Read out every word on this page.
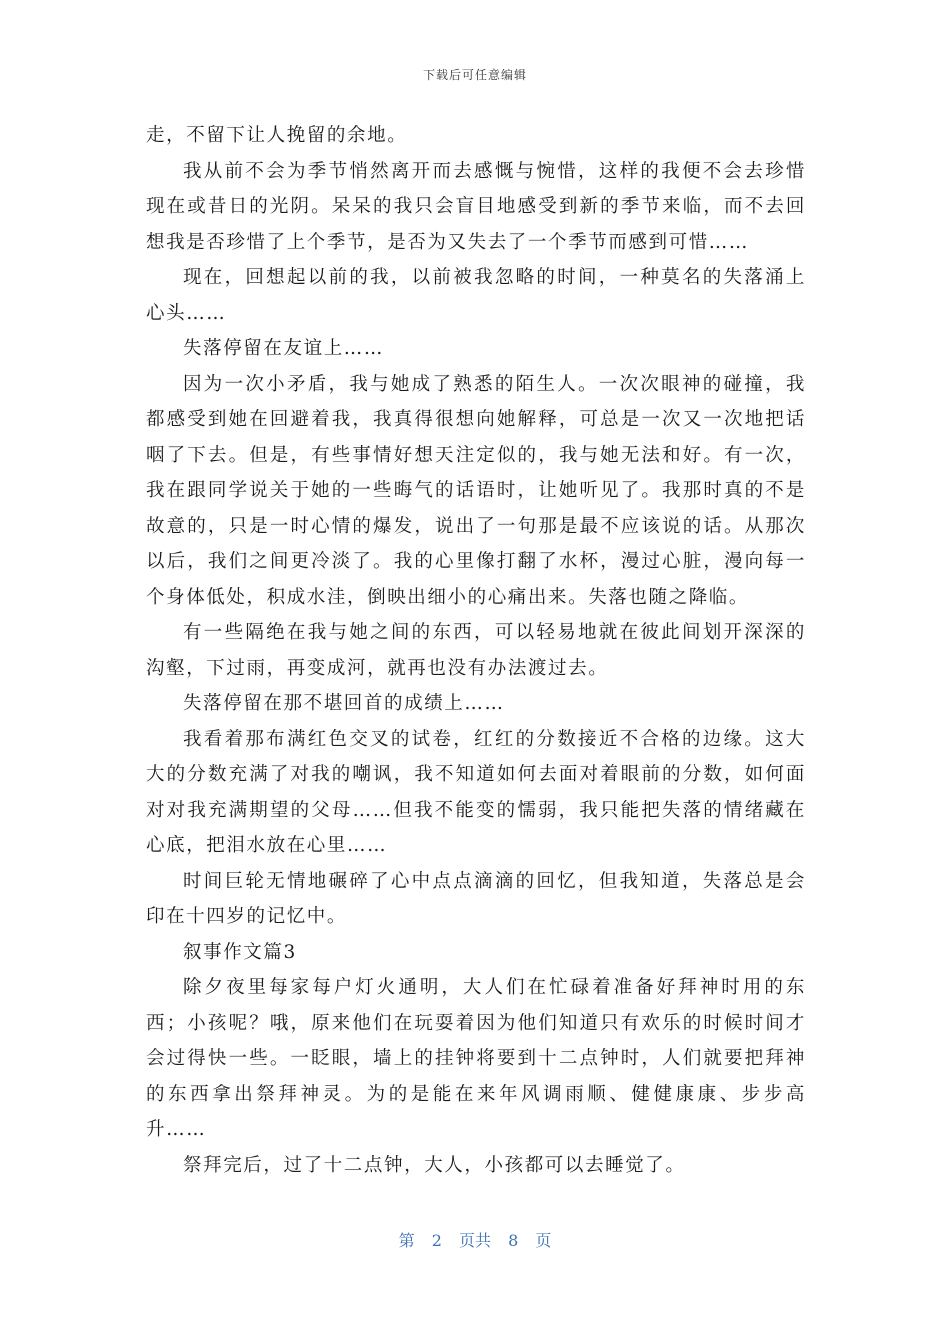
下载后可任意编辑

走，不留下让人挽留的余地。

我从前不会为季节悄然离开而去感慨与惋惜，这样的我便不会去珍惜现在或昔日的光阴。呆呆的我只会盲目地感受到新的季节来临，而不去回想我是否珍惜了上个季节，是否为又失去了一个季节而感到可惜……

现在，回想起以前的我，以前被我忽略的时间，一种莫名的失落涌上心头……

失落停留在友谊上……

因为一次小矛盾，我与她成了熟悉的陌生人。一次次眼神的碰撞，我都感受到她在回避着我，我真得很想向她解释，可总是一次又一次地把话咽了下去。但是，有些事情好想天注定似的，我与她无法和好。有一次，我在跟同学说关于她的一些晦气的话语时，让她听见了。我那时真的不是故意的，只是一时心情的爆发，说出了一句那是最不应该说的话。从那次以后，我们之间更冷淡了。我的心里像打翻了水杯，漫过心脏，漫向每一个身体低处，积成水洼，倒映出细小的心痛出来。失落也随之降临。

有一些隔绝在我与她之间的东西，可以轻易地就在彼此间划开深深的沟壑，下过雨，再变成河，就再也没有办法渡过去。

失落停留在那不堪回首的成绩上……

我看着那布满红色交叉的试卷，红红的分数接近不合格的边缘。这大大的分数充满了对我的嘲讽，我不知道如何去面对着眼前的分数，如何面对对我充满期望的父母……但我不能变的懦弱，我只能把失落的情绪藏在心底，把泪水放在心里……

时间巨轮无情地碾碎了心中点点滴滴的回忆，但我知道，失落总是会印在十四岁的记忆中。

叙事作文篇3

除夕夜里每家每户灯火通明，大人们在忙碌着准备好拜神时用的东西；小孩呢？哦，原来他们在玩耍着因为他们知道只有欢乐的时候时间才会过得快一些。一眨眼，墙上的挂钟将要到十二点钟时，人们就要把拜神的东西拿出祭拜神灵。为的是能在来年风调雨顺、健健康康、步步高升……

祭拜完后，过了十二点钟，大人，小孩都可以去睡觉了。

第 2 页共 8 页
